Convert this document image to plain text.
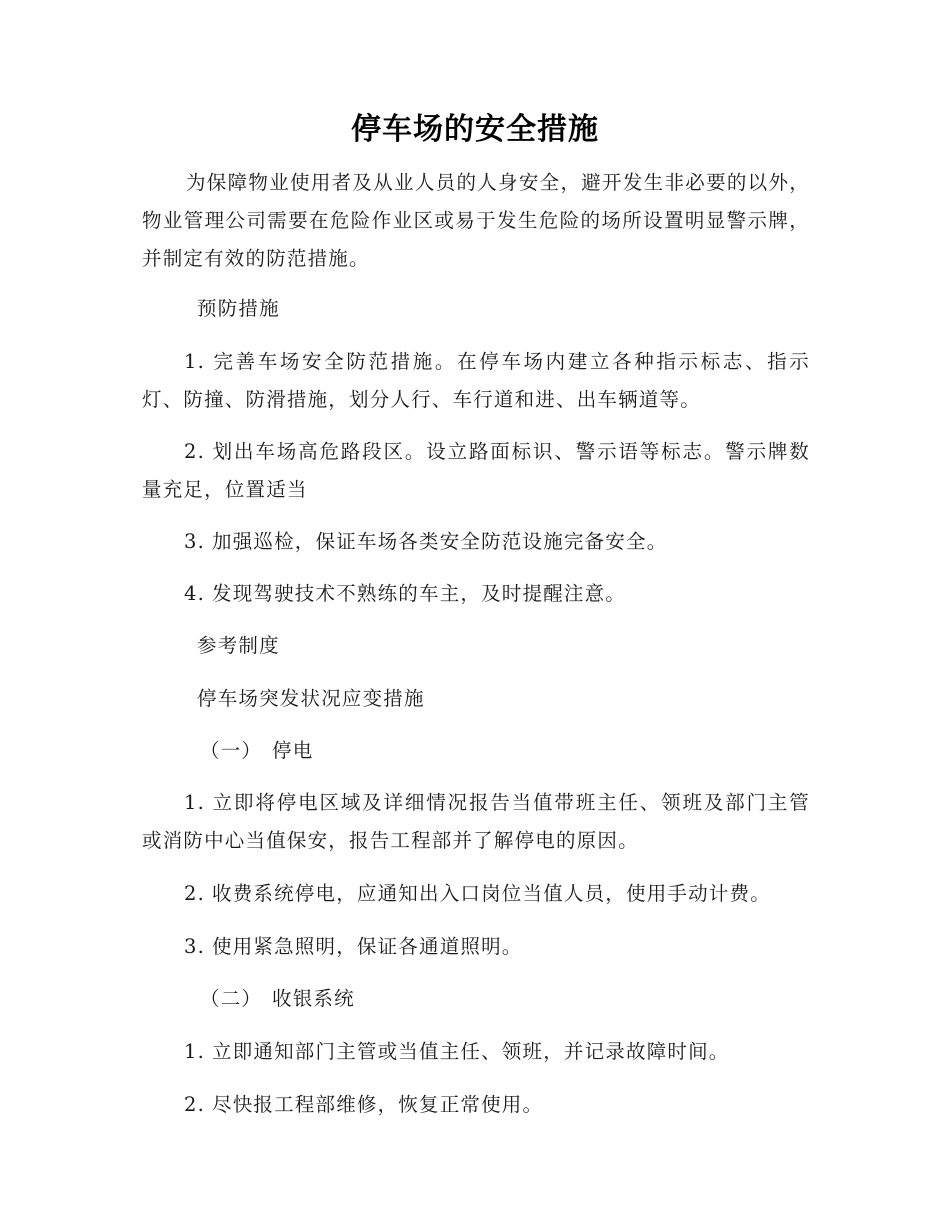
停车场的安全措施
为保障物业使用者及从业人员的人身安全，避开发生非必要的以外，物业管理公司需要在危险作业区或易于发生危险的场所设置明显警示牌，并制定有效的防范措施。
预防措施
1. 完善车场安全防范措施。在停车场内建立各种指示标志、指示灯、防撞、防滑措施，划分人行、车行道和进、出车辆道等。
2. 划出车场高危路段区。设立路面标识、警示语等标志。警示牌数量充足，位置适当
3. 加强巡检，保证车场各类安全防范设施完备安全。
4. 发现驾驶技术不熟练的车主，及时提醒注意。
参考制度
停车场突发状况应变措施
（一） 停电
1. 立即将停电区域及详细情况报告当值带班主任、领班及部门主管或消防中心当值保安，报告工程部并了解停电的原因。
2. 收费系统停电，应通知出入口岗位当值人员，使用手动计费。
3. 使用紧急照明，保证各通道照明。
（二） 收银系统
1. 立即通知部门主管或当值主任、领班，并记录故障时间。
2. 尽快报工程部维修，恢复正常使用。
